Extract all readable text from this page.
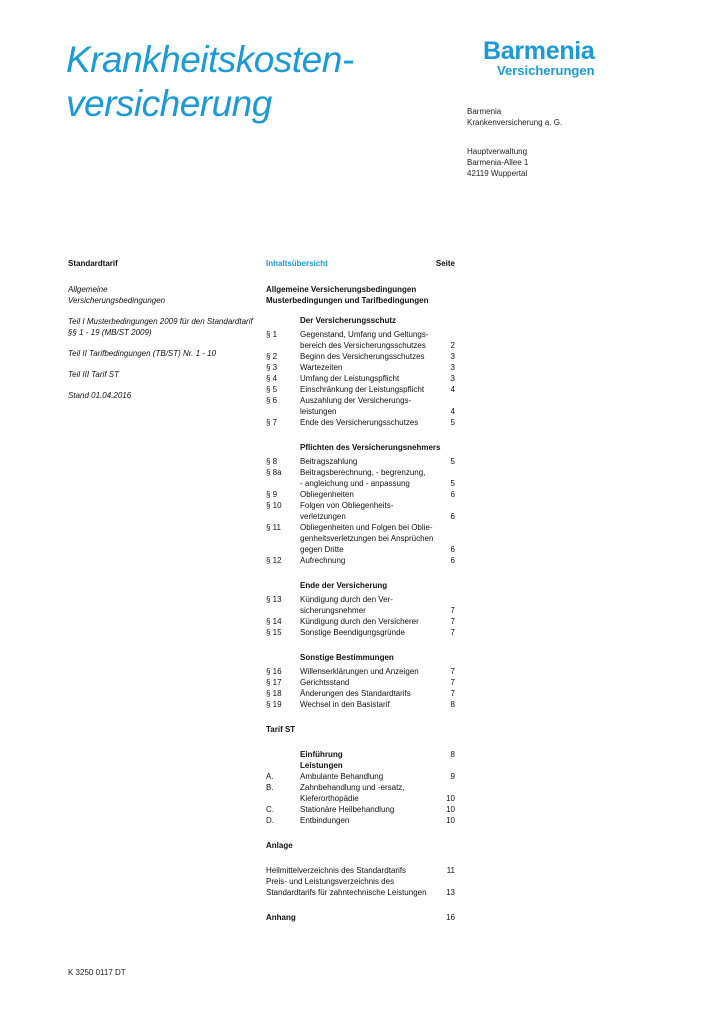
Krankheitskosten-
versicherung
Barmenia
Versicherungen
Barmenia
Krankenversicherung a. G.
Hauptverwaltung
Barmenia-Allee 1
42119 Wuppertal
Standardtarif
Allgemeine
Versicherungsbedingungen
Teil I Musterbedingungen 2009 für den Standardtarif
§§ 1 - 19 (MB/ST 2009)
Teil II Tarifbedingungen (TB/ST) Nr. 1 - 10
Teil III Tarif ST
Stand 01.04.2016
Inhaltsübersicht	Seite
Allgemeine Versicherungsbedingungen
Musterbedingungen und Tarifbedingungen
Der Versicherungsschutz
§ 1	Gegenstand, Umfang und Geltungs-
bereich des Versicherungsschutzes	2
§ 2	Beginn des Versicherungsschutzes	3
§ 3	Wartezeiten	3
§ 4	Umfang der Leistungspflicht	3
§ 5	Einschränkung der Leistungspflicht	4
§ 6	Auszahlung der Versicherungs-
leistungen	4
§ 7	Ende des Versicherungsschutzes	5
Pflichten des Versicherungsnehmers
§ 8	Beitragszahlung	5
§ 8a Beitragsberechnung, - begrenzung,
- angleichung und - anpassung	5
§ 9	Obliegenheiten	6
§ 10 Folgen von Obliegenheits-
verletzungen	6
§ 11 Obliegenheiten und Folgen bei Oblie-
genheitsverletzungen bei Ansprüchen
gegen Dritte	6
§ 12 Aufrechnung	6
Ende der Versicherung
§ 13 Kündigung durch den Ver-
sicherungsnehmer	7
§ 14 Kündigung durch den Versicherer	7
§ 15 Sonstige Beendigungsgründe	7
Sonstige Bestimmungen
§ 16 Willenserklärungen und Anzeigen	7
§ 17 Gerichtsstand	7
§ 18 Änderungen des Standardtarifs	7
§ 19 Wechsel in den Basistarif	8
Tarif ST
Einführung	8
Leistungen
A.	Ambulante Behandlung	9
B.	Zahnbehandlung und -ersatz,
Kieferorthopädie	10
C.	Stationäre Heilbehandlung	10
D.	Entbindungen	10
Anlage
Heilmittelverzeichnis des Standardtarifs	11
Preis- und Leistungsverzeichnis des
Standardtarifs für zahntechnische Leistungen 13
Anhang	16
K 3250 0117 DT
